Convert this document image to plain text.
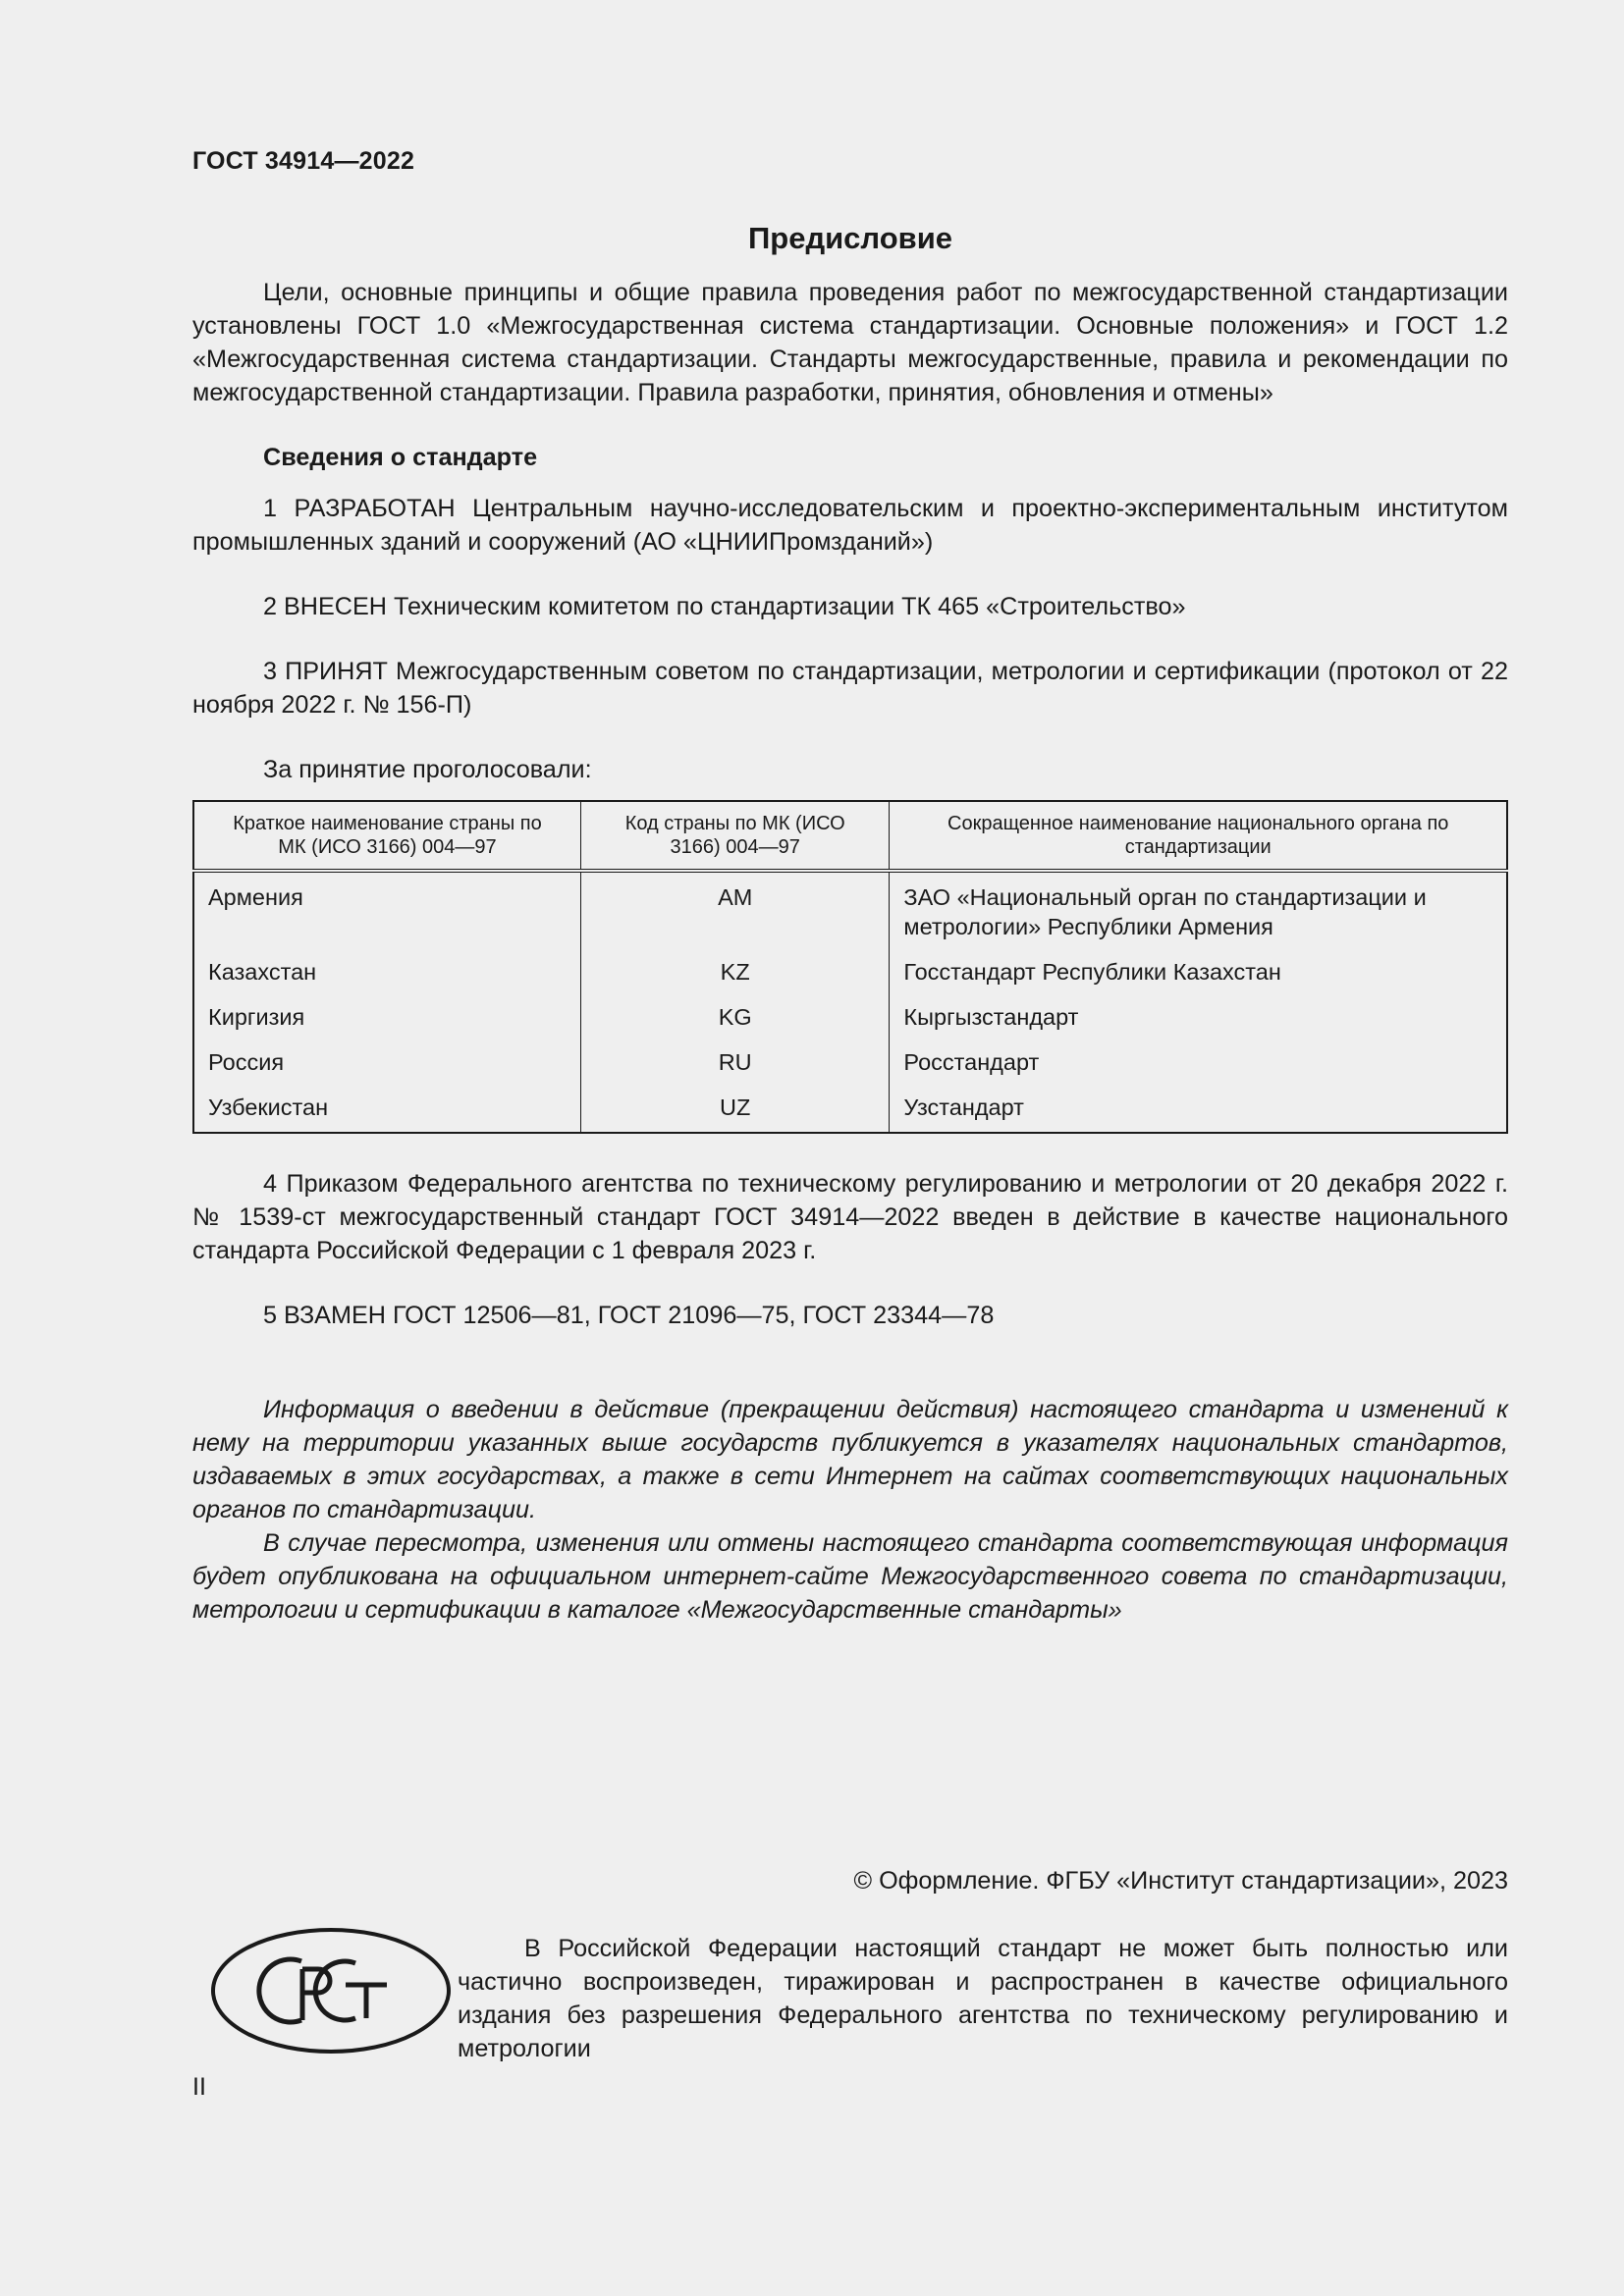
ГОСТ 34914—2022
Предисловие

Цели, основные принципы и общие правила проведения работ по межгосударственной стандартизации установлены ГОСТ 1.0 «Межгосударственная система стандартизации. Основные положения» и ГОСТ 1.2 «Межгосударственная система стандартизации. Стандарты межгосударственные, правила и рекомендации по межгосударственной стандартизации. Правила разработки, принятия, обновления и отмены»

Сведения о стандарте

1 РАЗРАБОТАН Центральным научно-исследовательским и проектно-экспериментальным институтом промышленных зданий и сооружений (АО «ЦНИИПромзданий»)

2 ВНЕСЕН Техническим комитетом по стандартизации ТК 465 «Строительство»

3 ПРИНЯТ Межгосударственным советом по стандартизации, метрологии и сертификации (протокол от 22 ноября 2022 г. № 156-П)

За принятие проголосовали:

Краткое наименование страны по МК (ИСО 3166) 004—97	Код страны по МК (ИСО 3166) 004—97	Сокращенное наименование национального органа по стандартизации
Армения	AM	ЗАО «Национальный орган по стандартизации и метрологии» Республики Армения
Казахстан	KZ	Госстандарт Республики Казахстан
Киргизия	KG	Кыргызстандарт
Россия	RU	Росстандарт
Узбекистан	UZ	Узстандарт

4 Приказом Федерального агентства по техническому регулированию и метрологии от 20 декабря 2022 г. № 1539-ст межгосударственный стандарт ГОСТ 34914—2022 введен в действие в качестве национального стандарта Российской Федерации с 1 февраля 2023 г.

5 ВЗАМЕН ГОСТ 12506—81, ГОСТ 21096—75, ГОСТ 23344—78

Информация о введении в действие (прекращении действия) настоящего стандарта и изменений к нему на территории указанных выше государств публикуется в указателях национальных стандартов, издаваемых в этих государствах, а также в сети Интернет на сайтах соответствующих национальных органов по стандартизации.

В случае пересмотра, изменения или отмены настоящего стандарта соответствующая информация будет опубликована на официальном интернет-сайте Межгосударственного совета по стандартизации, метрологии и сертификации в каталоге «Межгосударственные стандарты»

© Оформление. ФГБУ «Институт стандартизации», 2023

В Российской Федерации настоящий стандарт не может быть полностью или частично воспроизведен, тиражирован и распространен в качестве официального издания без разрешения Федерального агентства по техническому регулированию и метрологии

II
